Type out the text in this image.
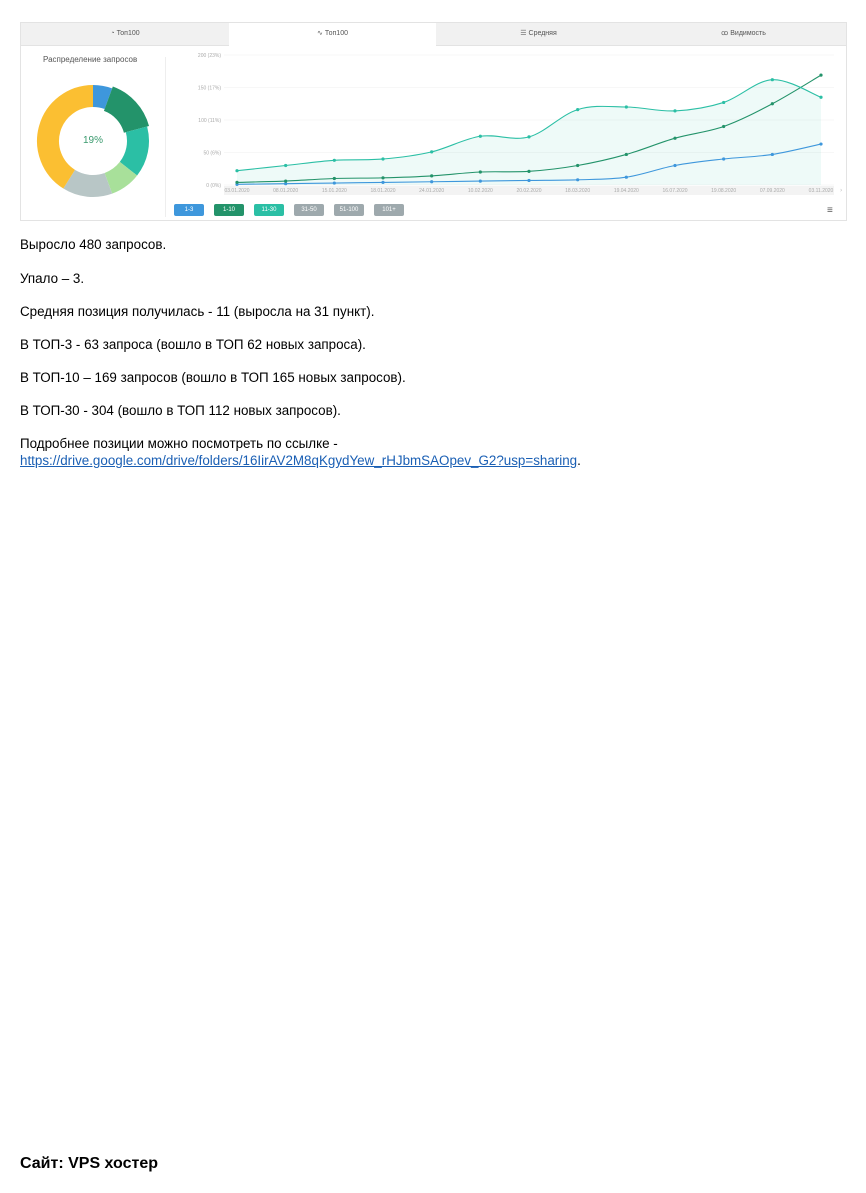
◔ Топ100	∿ Топ100	☰ Средняя	ꝏ Видимость
Распределение запросов
19%
0 (0%)
50 (6%)
100 (11%)
150 (17%)
200 (23%)
03.01.2020	08.01.2020	15.01.2020	18.01.2020	24.01.2020	10.02.2020	20.02.2020	18.03.2020	19.04.2020	16.07.2020	19.08.2020	07.09.2020	03.11.2020 ›
1-3	1-10	11-30	31-50	51-100	101+	≡
Выросло 480 запросов.
Упало – 3.
Средняя позиция получилась - 11 (выросла на 31 пункт).
В ТОП-3 - 63 запроса (вошло в ТОП 62 новых запроса).
В ТОП-10 – 169 запросов (вошло в ТОП 165 новых запросов).
В ТОП-30 - 304 (вошло в ТОП 112 новых запросов).
Подробнее позиции можно посмотреть по ссылке -
https://drive.google.com/drive/folders/16IirAV2M8qKgydYew_rHJbmSAOpev_G2?usp=sharing.
Сайт: VPS хостер
